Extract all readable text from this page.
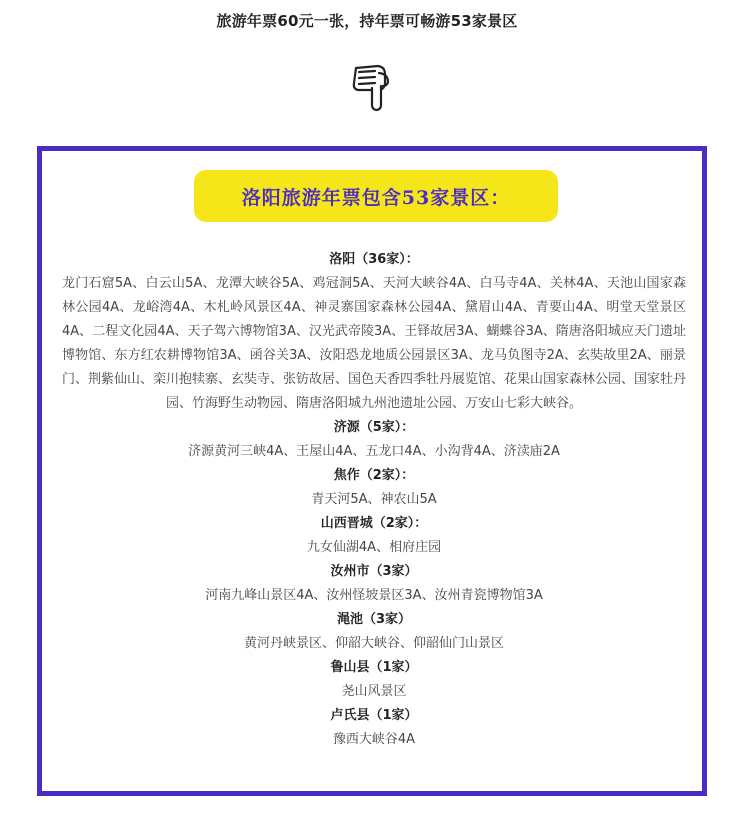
旅游年票60元一张，持年票可畅游53家景区
洛阳旅游年票包含53家景区：
洛阳（36家）：
龙门石窟5A、白云山5A、龙潭大峡谷5A、鸡冠洞5A、天河大峡谷4A、白马寺4A、关林4A、天池山国家森林公园4A、龙峪湾4A、木札岭风景区4A、神灵寨国家森林公园4A、黛眉山4A、青要山4A、明堂天堂景区4A、二程文化园4A、天子驾六博物馆3A、汉光武帝陵3A、王铎故居3A、蝴蝶谷3A、隋唐洛阳城应天门遗址博物馆、东方红农耕博物馆3A、函谷关3A、汝阳恐龙地质公园景区3A、龙马负图寺2A、玄奘故里2A、丽景门、荆紫仙山、栾川抱犊寨、玄奘寺、张钫故居、国色天香四季牡丹展览馆、花果山国家森林公园、国家牡丹园、竹海野生动物园、隋唐洛阳城九州池遗址公园、万安山七彩大峡谷。
济源（5家）：
济源黄河三峡4A、王屋山4A、五龙口4A、小沟背4A、济渎庙2A
焦作（2家）：
青天河5A、神农山5A
山西晋城（2家）：
九女仙湖4A、相府庄园
汝州市（3家）
河南九峰山景区4A、汝州怪坡景区3A、汝州青瓷博物馆3A
渑池（3家）
黄河丹峡景区、仰韶大峡谷、仰韶仙门山景区
鲁山县（1家）
尧山风景区
卢氏县（1家）
豫西大峡谷4A
